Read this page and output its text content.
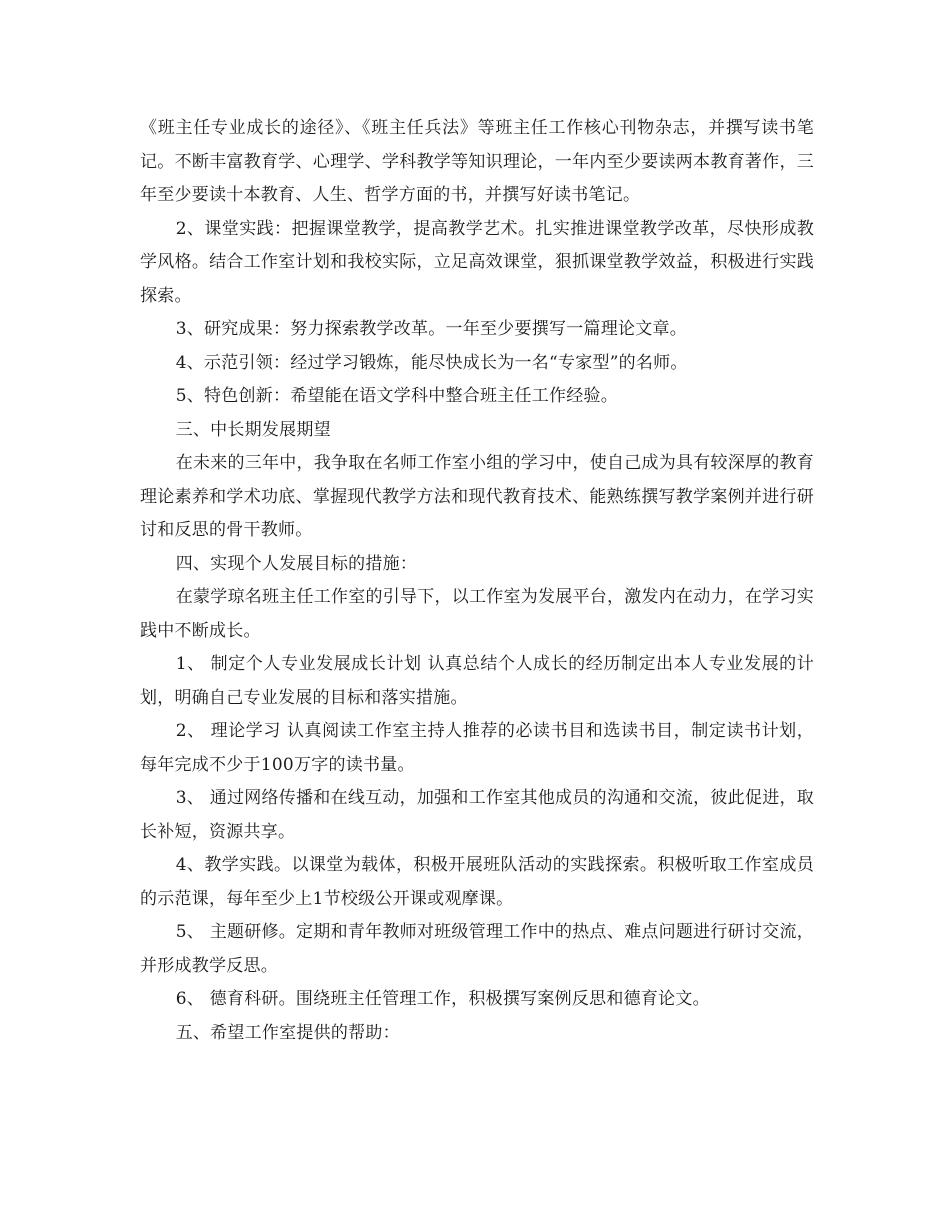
《班主任专业成长的途径》、《班主任兵法》等班主任工作核心刊物杂志，并撰写读书笔记。不断丰富教育学、心理学、学科教学等知识理论，一年内至少要读两本教育著作，三年至少要读十本教育、人生、哲学方面的书，并撰写好读书笔记。

2、课堂实践：把握课堂教学，提高教学艺术。扎实推进课堂教学改革，尽快形成教学风格。结合工作室计划和我校实际，立足高效课堂，狠抓课堂教学效益，积极进行实践探索。

3、研究成果：努力探索教学改革。一年至少要撰写一篇理论文章。

4、示范引领：经过学习锻炼，能尽快成长为一名“专家型”的名师。

5、特色创新：希望能在语文学科中整合班主任工作经验。

三、中长期发展期望

在未来的三年中，我争取在名师工作室小组的学习中，使自己成为具有较深厚的教育理论素养和学术功底、掌握现代教学方法和现代教育技术、能熟练撰写教学案例并进行研讨和反思的骨干教师。

四、实现个人发展目标的措施：

在蒙学琼名班主任工作室的引导下，以工作室为发展平台，激发内在动力，在学习实践中不断成长。

1、 制定个人专业发展成长计划 认真总结个人成长的经历制定出本人专业发展的计划，明确自己专业发展的目标和落实措施。

2、 理论学习 认真阅读工作室主持人推荐的必读书目和选读书目，制定读书计划，每年完成不少于100万字的读书量。

3、 通过网络传播和在线互动，加强和工作室其他成员的沟通和交流，彼此促进，取长补短，资源共享。

4、教学实践。以课堂为载体，积极开展班队活动的实践探索。积极听取工作室成员的示范课，每年至少上1节校级公开课或观摩课。

5、 主题研修。定期和青年教师对班级管理工作中的热点、难点问题进行研讨交流，并形成教学反思。

6、 德育科研。围绕班主任管理工作，积极撰写案例反思和德育论文。

五、希望工作室提供的帮助：
